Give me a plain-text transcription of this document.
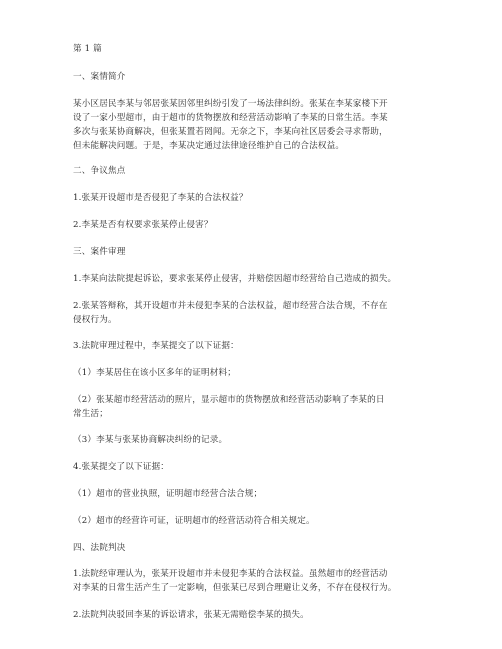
第 1 篇
一、案情简介
某小区居民李某与邻居张某因邻里纠纷引发了一场法律纠纷。张某在李某家楼下开
设了一家小型超市，由于超市的货物摆放和经营活动影响了李某的日常生活。李某
多次与张某协商解决，但张某置若罔闻。无奈之下，李某向社区居委会寻求帮助，
但未能解决问题。于是，李某决定通过法律途径维护自己的合法权益。
二、争议焦点
1.张某开设超市是否侵犯了李某的合法权益？
2.李某是否有权要求张某停止侵害？
三、案件审理
1.李某向法院提起诉讼，要求张某停止侵害，并赔偿因超市经营给自己造成的损失。
2.张某答辩称，其开设超市并未侵犯李某的合法权益，超市经营合法合规，不存在
侵权行为。
3.法院审理过程中，李某提交了以下证据：
（1）李某居住在该小区多年的证明材料；
（2）张某超市经营活动的照片，显示超市的货物摆放和经营活动影响了李某的日
常生活；
（3）李某与张某协商解决纠纷的记录。
4.张某提交了以下证据：
（1）超市的营业执照，证明超市经营合法合规；
（2）超市的经营许可证，证明超市的经营活动符合相关规定。
四、法院判决
1.法院经审理认为，张某开设超市并未侵犯李某的合法权益。虽然超市的经营活动
对李某的日常生活产生了一定影响，但张某已尽到合理避让义务，不存在侵权行为。
2.法院判决驳回李某的诉讼请求，张某无需赔偿李某的损失。
